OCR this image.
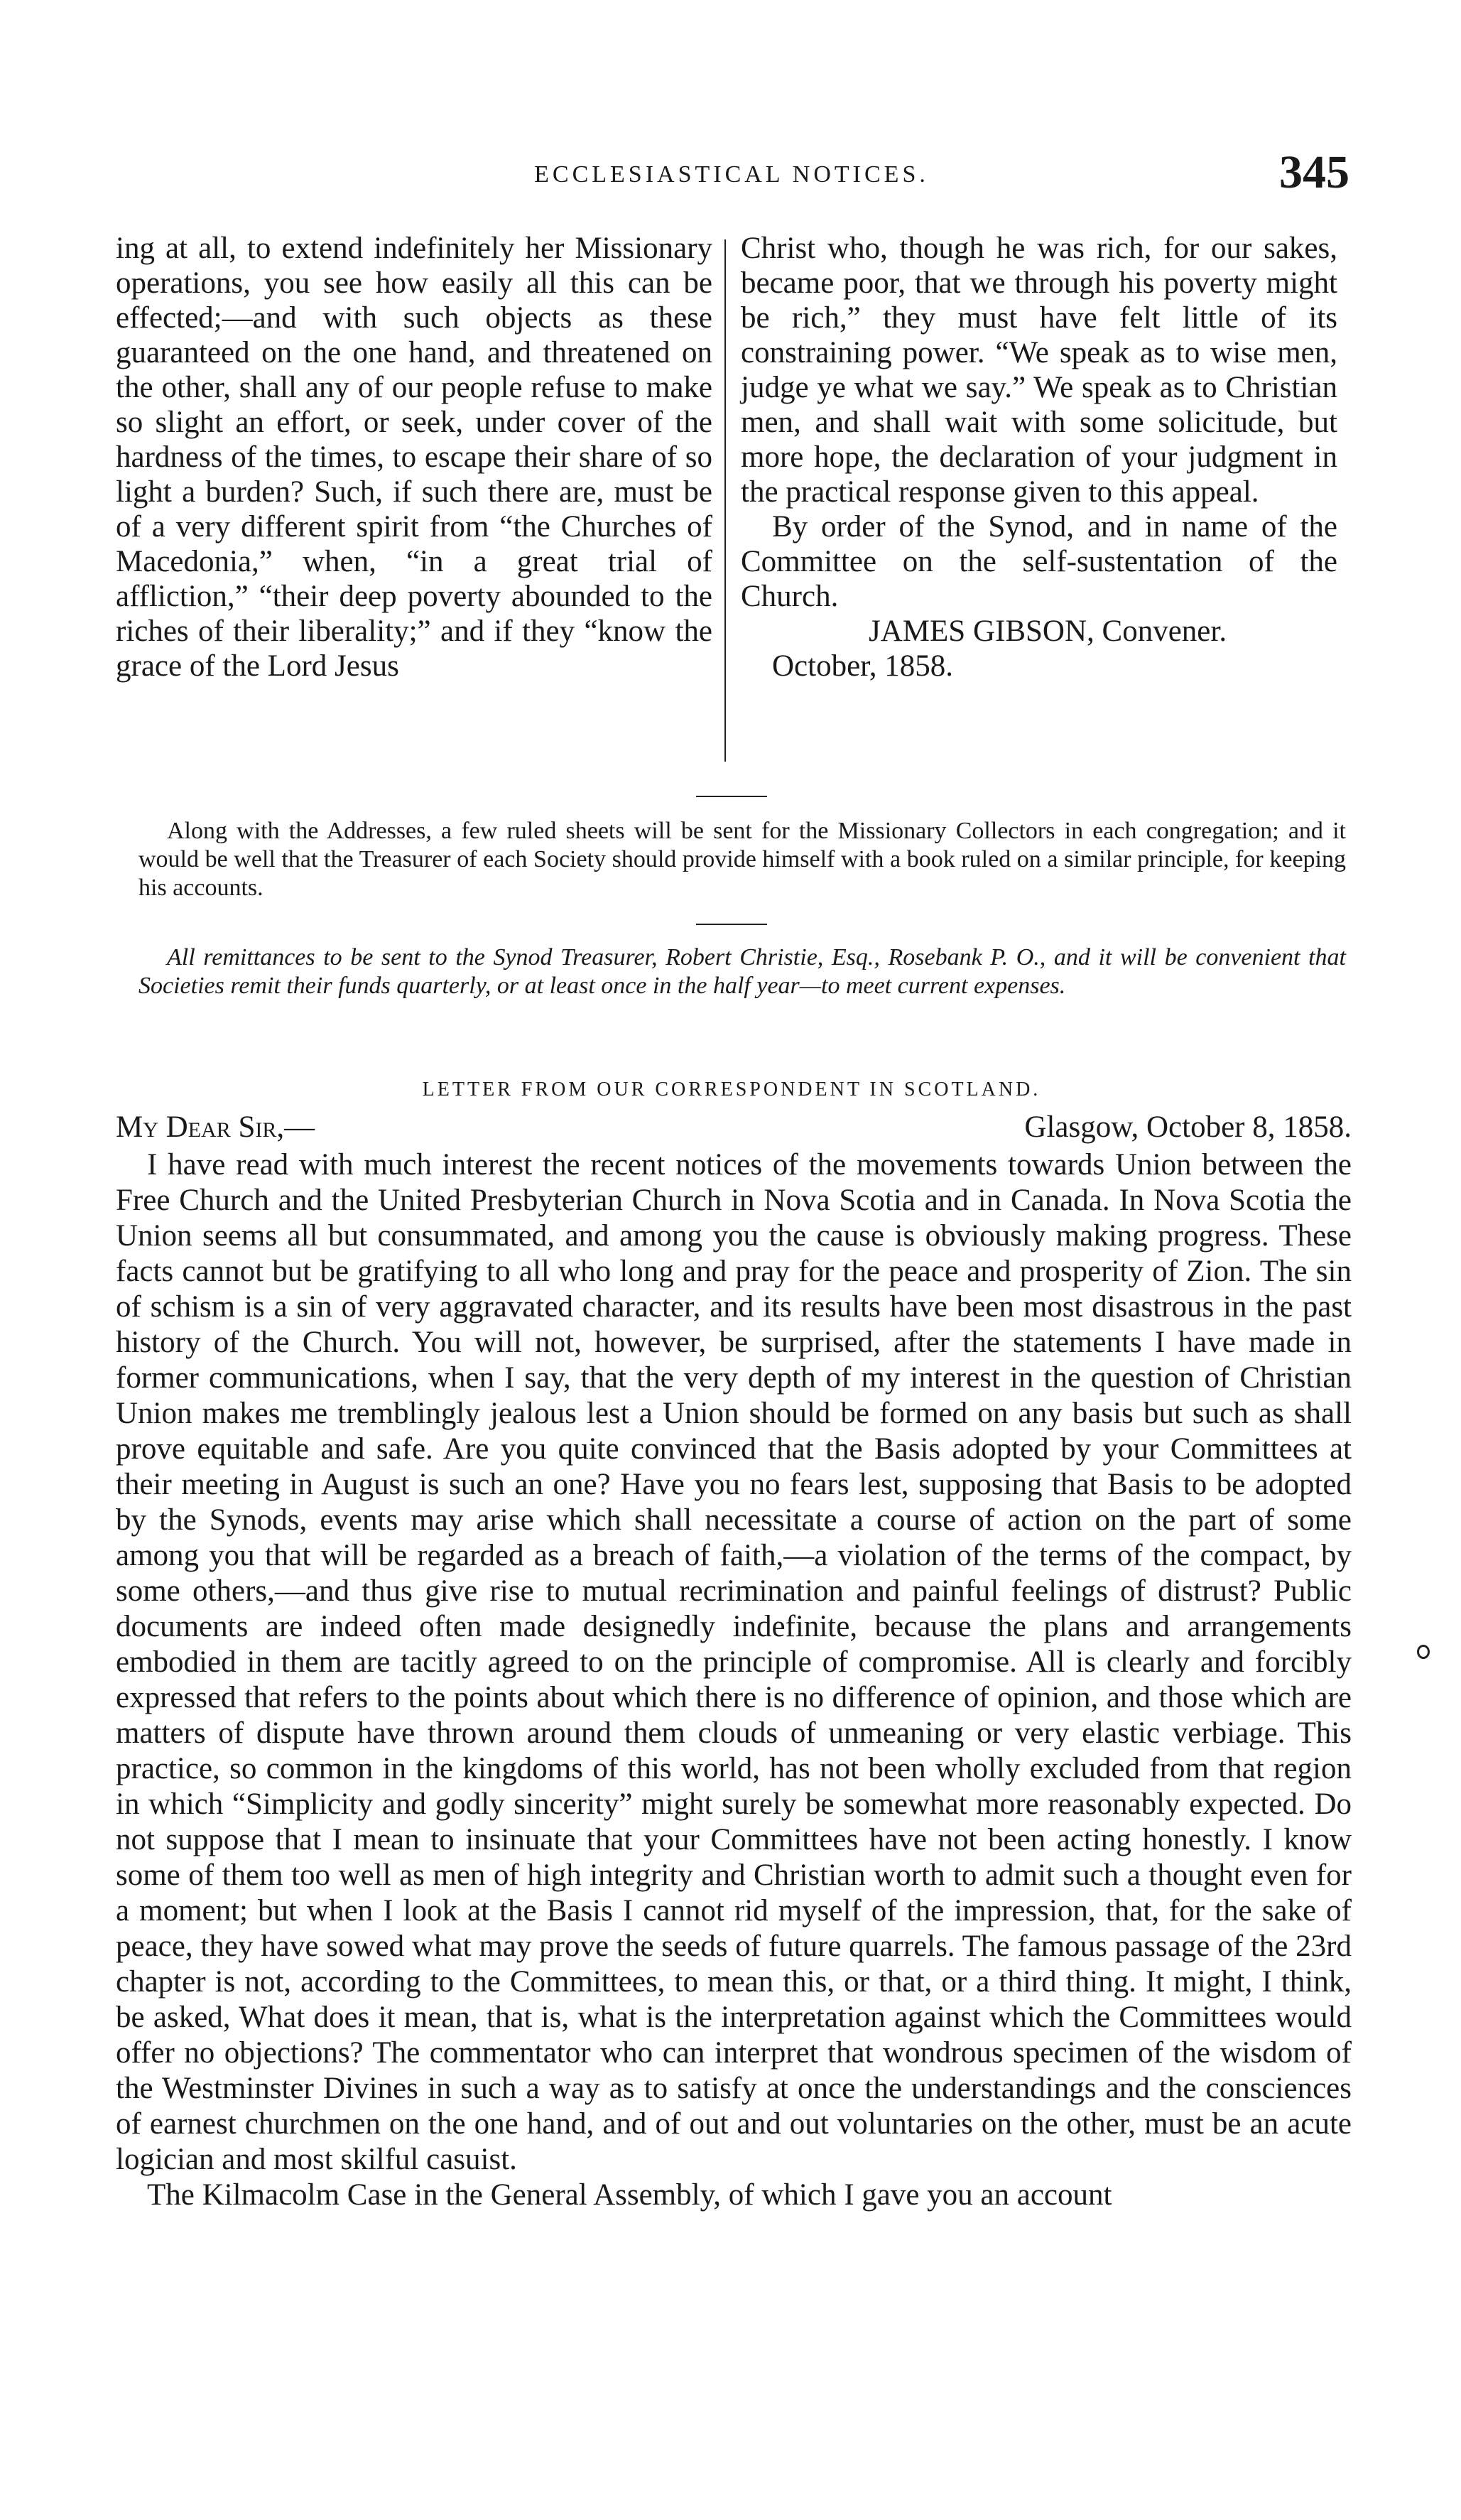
ECCLESIASTICAL NOTICES.	345

ing at all, to extend indefinitely her Missionary operations, you see how easily all this can be effected;—and with such objects as these guaranteed on the one hand, and threatened on the other, shall any of our people refuse to make so slight an effort, or seek, under cover of the hardness of the times, to escape their share of so light a burden? Such, if such there are, must be of a very different spirit from “the Churches of Macedonia,” when, “in a great trial of affliction,” “their deep poverty abounded to the riches of their liberality;” and if they “know the grace of the Lord Jesus

Christ who, though he was rich, for our sakes, became poor, that we through his poverty might be rich,” they must have felt little of its constraining power. “We speak as to wise men, judge ye what we say.” We speak as to Christian men, and shall wait with some solicitude, but more hope, the declaration of your judgment in the practical response given to this appeal.

By order of the Synod, and in name of the Committee on the self-sustentation of the Church.

JAMES GIBSON, Convener.

October, 1858.

Along with the Addresses, a few ruled sheets will be sent for the Missionary Collectors in each congregation; and it would be well that the Treasurer of each Society should provide himself with a book ruled on a similar principle, for keeping his accounts.

All remittances to be sent to the Synod Treasurer, Robert Christie, Esq., Rosebank P. O., and it will be convenient that Societies remit their funds quarterly, or at least once in the half year—to meet current expenses.

LETTER FROM OUR CORRESPONDENT IN SCOTLAND.
My Dear Sir,—	Glasgow, October 8, 1858.

I have read with much interest the recent notices of the movements towards Union between the Free Church and the United Presbyterian Church in Nova Scotia and in Canada. In Nova Scotia the Union seems all but consummated, and among you the cause is obviously making progress. These facts cannot but be gratifying to all who long and pray for the peace and prosperity of Zion. The sin of schism is a sin of very aggravated character, and its results have been most disastrous in the past history of the Church. You will not, however, be surprised, after the statements I have made in former communications, when I say, that the very depth of my interest in the question of Christian Union makes me tremblingly jealous lest a Union should be formed on any basis but such as shall prove equitable and safe. Are you quite convinced that the Basis adopted by your Committees at their meeting in August is such an one? Have you no fears lest, supposing that Basis to be adopted by the Synods, events may arise which shall necessitate a course of action on the part of some among you that will be regarded as a breach of faith,—a violation of the terms of the compact, by some others,—and thus give rise to mutual recrimination and painful feelings of distrust? Public documents are indeed often made designedly indefinite, because the plans and arrangements embodied in them are tacitly agreed to on the principle of compromise. All is clearly and forcibly expressed that refers to the points about which there is no difference of opinion, and those which are matters of dispute have thrown around them clouds of unmeaning or very elastic verbiage. This practice, so common in the kingdoms of this world, has not been wholly excluded from that region in which “Simplicity and godly sincerity” might surely be somewhat more reasonably expected. Do not suppose that I mean to insinuate that your Committees have not been acting honestly. I know some of them too well as men of high integrity and Christian worth to admit such a thought even for a moment; but when I look at the Basis I cannot rid myself of the impression, that, for the sake of peace, they have sowed what may prove the seeds of future quarrels. The famous passage of the 23rd chapter is not, according to the Committees, to mean this, or that, or a third thing. It might, I think, be asked, What does it mean, that is, what is the interpretation against which the Committees would offer no objections? The commentator who can interpret that wondrous specimen of the wisdom of the Westminster Divines in such a way as to satisfy at once the understandings and the consciences of earnest churchmen on the one hand, and of out and out voluntaries on the other, must be an acute logician and most skilful casuist.

The Kilmacolm Case in the General Assembly, of which I gave you an account
